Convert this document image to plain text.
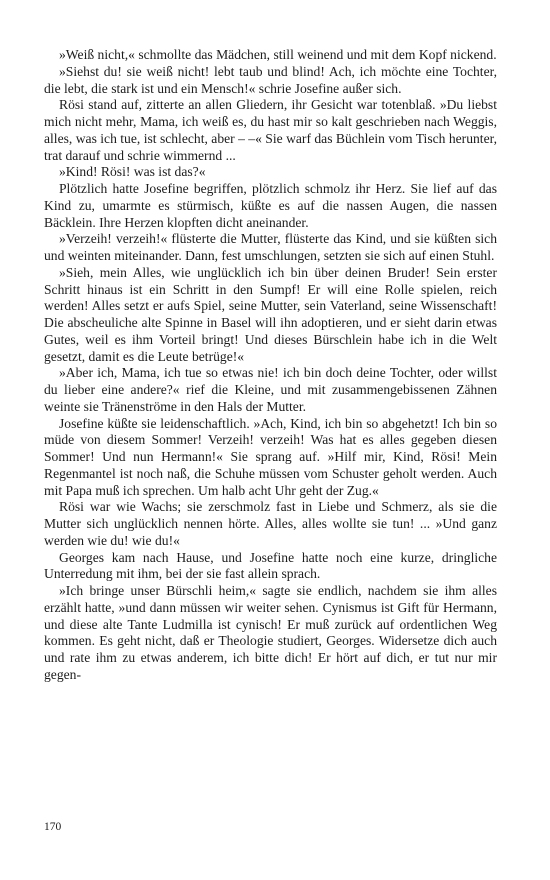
»Weiß nicht,« schmollte das Mädchen, still weinend und mit dem Kopf nickend.

»Siehst du! sie weiß nicht! lebt taub und blind! Ach, ich möchte eine Tochter, die lebt, die stark ist und ein Mensch!« schrie Josefine außer sich.

Rösi stand auf, zitterte an allen Gliedern, ihr Gesicht war totenblaß. »Du liebst mich nicht mehr, Mama, ich weiß es, du hast mir so kalt geschrieben nach Weggis, alles, was ich tue, ist schlecht, aber – –« Sie warf das Büchlein vom Tisch herunter, trat darauf und schrie wimmernd ...

»Kind! Rösi! was ist das?«

Plötzlich hatte Josefine begriffen, plötzlich schmolz ihr Herz. Sie lief auf das Kind zu, umarmte es stürmisch, küßte es auf die nassen Augen, die nassen Bäcklein. Ihre Herzen klopften dicht aneinander.

»Verzeih! verzeih!« flüsterte die Mutter, flüsterte das Kind, und sie küßten sich und weinten miteinander. Dann, fest umschlungen, setzten sie sich auf einen Stuhl.

»Sieh, mein Alles, wie unglücklich ich bin über deinen Bruder! Sein erster Schritt hinaus ist ein Schritt in den Sumpf! Er will eine Rolle spielen, reich werden! Alles setzt er aufs Spiel, seine Mutter, sein Vaterland, seine Wissenschaft! Die abscheuliche alte Spinne in Basel will ihn adoptieren, und er sieht darin etwas Gutes, weil es ihm Vorteil bringt! Und dieses Bürschlein habe ich in die Welt gesetzt, damit es die Leute betrüge!«

»Aber ich, Mama, ich tue so etwas nie! ich bin doch deine Tochter, oder willst du lieber eine andere?« rief die Kleine, und mit zusammengebissenen Zähnen weinte sie Tränenströme in den Hals der Mutter.

Josefine küßte sie leidenschaftlich. »Ach, Kind, ich bin so abgehetzt! Ich bin so müde von diesem Sommer! Verzeih! verzeih! Was hat es alles gegeben diesen Sommer! Und nun Hermann!« Sie sprang auf. »Hilf mir, Kind, Rösi! Mein Regenmantel ist noch naß, die Schuhe müssen vom Schuster geholt werden. Auch mit Papa muß ich sprechen. Um halb acht Uhr geht der Zug.«

Rösi war wie Wachs; sie zerschmolz fast in Liebe und Schmerz, als sie die Mutter sich unglücklich nennen hörte. Alles, alles wollte sie tun! ... »Und ganz werden wie du! wie du!«

Georges kam nach Hause, und Josefine hatte noch eine kurze, dringliche Unterredung mit ihm, bei der sie fast allein sprach.

»Ich bringe unser Bürschli heim,« sagte sie endlich, nachdem sie ihm alles erzählt hatte, »und dann müssen wir weiter sehen. Cynismus ist Gift für Hermann, und diese alte Tante Ludmilla ist cynisch! Er muß zurück auf ordentlichen Weg kommen. Es geht nicht, daß er Theologie studiert, Georges. Widersetze dich auch und rate ihm zu etwas anderem, ich bitte dich! Er hört auf dich, er tut nur mir gegen-

170
